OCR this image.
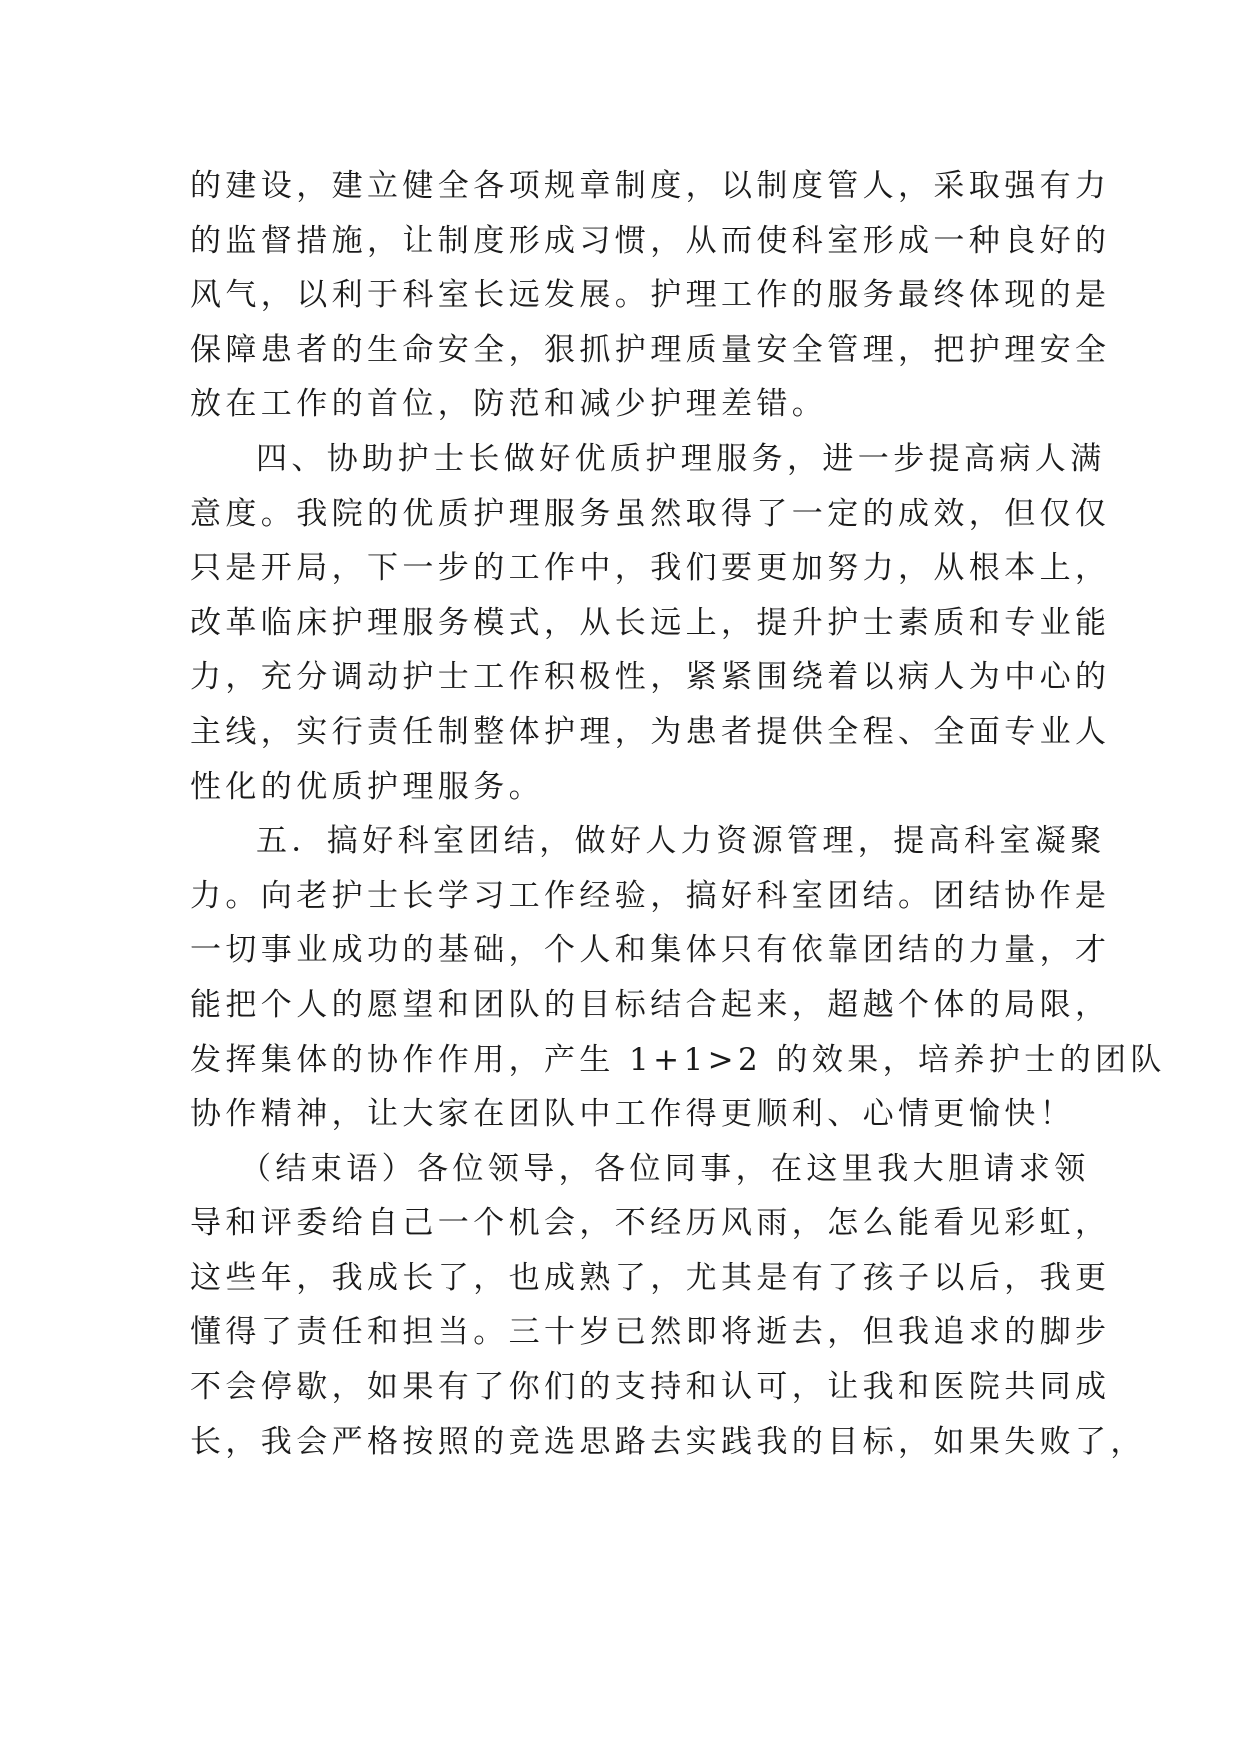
的建设，建立健全各项规章制度，以制度管人，采取强有力
的监督措施，让制度形成习惯，从而使科室形成一种良好的
风气，以利于科室长远发展。护理工作的服务最终体现的是
保障患者的生命安全，狠抓护理质量安全管理，把护理安全
放在工作的首位，防范和减少护理差错。
四、协助护士长做好优质护理服务，进一步提高病人满
意度。我院的优质护理服务虽然取得了一定的成效，但仅仅
只是开局，下一步的工作中，我们要更加努力，从根本上，
改革临床护理服务模式，从长远上，提升护士素质和专业能
力，充分调动护士工作积极性，紧紧围绕着以病人为中心的
主线，实行责任制整体护理，为患者提供全程、全面专业人
性化的优质护理服务。
五．搞好科室团结，做好人力资源管理，提高科室凝聚
力。向老护士长学习工作经验，搞好科室团结。团结协作是
一切事业成功的基础，个人和集体只有依靠团结的力量，才
能把个人的愿望和团队的目标结合起来，超越个体的局限，
发挥集体的协作作用，产生 1+1>2 的效果，培养护士的团队
协作精神，让大家在团队中工作得更顺利、心情更愉快！
（结束语）各位领导，各位同事，在这里我大胆请求领
导和评委给自己一个机会，不经历风雨，怎么能看见彩虹，
这些年，我成长了，也成熟了，尤其是有了孩子以后，我更
懂得了责任和担当。三十岁已然即将逝去，但我追求的脚步
不会停歇，如果有了你们的支持和认可，让我和医院共同成
长，我会严格按照的竞选思路去实践我的目标，如果失败了，
